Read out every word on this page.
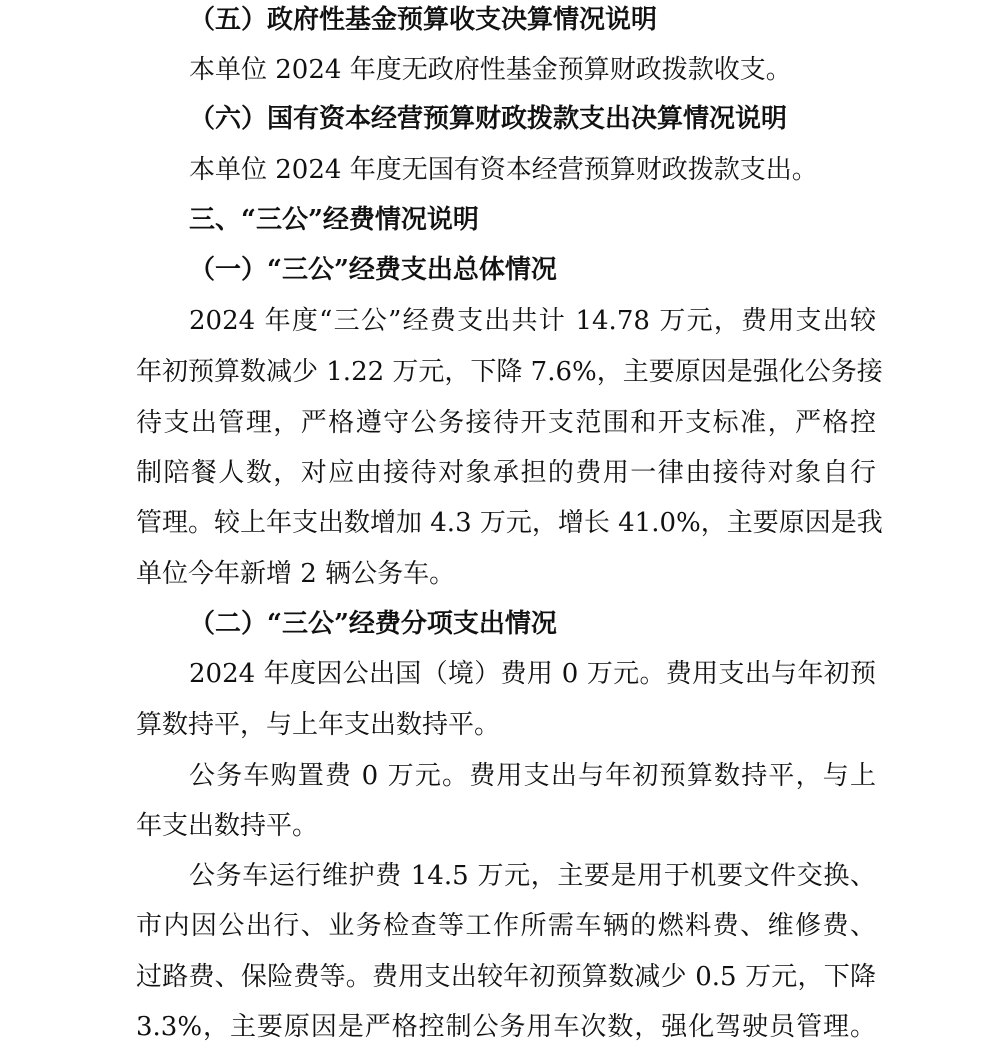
（五）政府性基金预算收支决算情况说明
本单位 2024 年度无政府性基金预算财政拨款收支。
（六）国有资本经营预算财政拨款支出决算情况说明
本单位 2024 年度无国有资本经营预算财政拨款支出。
三、“三公”经费情况说明
（一）“三公”经费支出总体情况
2024 年度“三公”经费支出共计 14.78 万元，费用支出较
年初预算数减少 1.22 万元，下降 7.6%，主要原因是强化公务接
待支出管理，严格遵守公务接待开支范围和开支标准，严格控
制陪餐人数，对应由接待对象承担的费用一律由接待对象自行
管理。较上年支出数增加 4.3 万元，增长 41.0%，主要原因是我
单位今年新增 2 辆公务车。
（二）“三公”经费分项支出情况
2024 年度因公出国（境）费用 0 万元。费用支出与年初预
算数持平，与上年支出数持平。
公务车购置费 0 万元。费用支出与年初预算数持平，与上
年支出数持平。
公务车运行维护费 14.5 万元，主要是用于机要文件交换、
市内因公出行、业务检查等工作所需车辆的燃料费、维修费、
过路费、保险费等。费用支出较年初预算数减少 0.5 万元，下降
3.3%，主要原因是严格控制公务用车次数，强化驾驶员管理。
